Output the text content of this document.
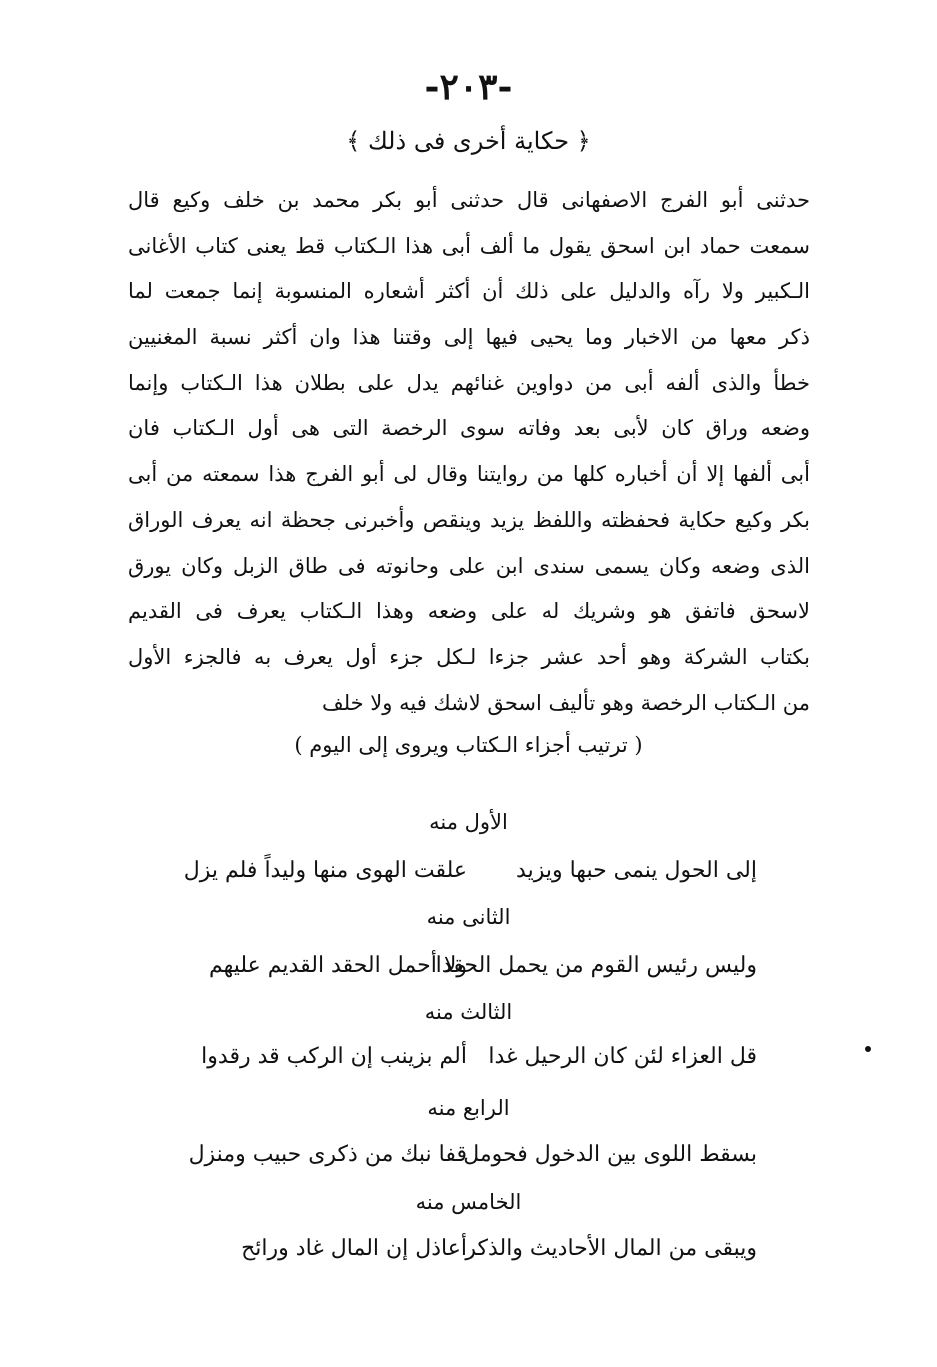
-٢٠٣-
﴿ حكاية أخرى فى ذلك ﴾
حدثنى أبو الفرج الاصفهانى قال حدثنى أبو بكر محمد بن خلف وكيع قال
سمعت حماد ابن اسحق يقول ما ألف أبى هذا الـكتاب قط يعنى كتاب الأغانى
الـكبير ولا رآه والدليل على ذلك أن أكثر أشعاره المنسوبة إنما جمعت لما
ذكر معها من الاخبار وما يحيى فيها إلى وقتنا هذا وان أكثر نسبة المغنيين
خطأ والذى ألفه أبى من دواوين غنائهم يدل على بطلان هذا الـكتاب وإنما
وضعه وراق كان لأبى بعد وفاته سوى الرخصة التى هى أول الـكتاب فان
أبى ألفها إلا أن أخباره كلها من روايتنا وقال لى أبو الفرج هذا سمعته من أبى
بكر وكيع حكاية فحفظته واللفظ يزيد وينقص وأخبرنى جحظة انه يعرف الوراق
الذى وضعه وكان يسمى سندى ابن على وحانوته فى طاق الزبل وكان يورق
لاسحق فاتفق هو وشريك له على وضعه وهذا الـكتاب يعرف فى القديم
بكتاب الشركة وهو أحد عشر جزءا لـكل جزء أول يعرف به فالجزء الأول
من الـكتاب الرخصة وهو تأليف اسحق لاشك فيه ولا خلف
( ترتيب أجزاء الـكتاب ويروى إلى اليوم )
الأول منه
علقت الهوى منها وليداً فلم يزل إلى الحول ينمى حبها ويزيد
الثانى منه
ولا أحمل الحقد القديم عليهم
وليس رئيس القوم من يحمل الحقدا
الثالث منه
ألم بزينب إن الركب قد رقدوا قل العزاء لئن كان الرحيل غدا
الرابع منه
قفا نبك من ذكرى حبيب ومنزل
بسقط اللوى بين الدخول فحومل
الخامس منه
أعاذل إن المال غاد ورائح
ويبقى من المال الأحاديث والذكر
